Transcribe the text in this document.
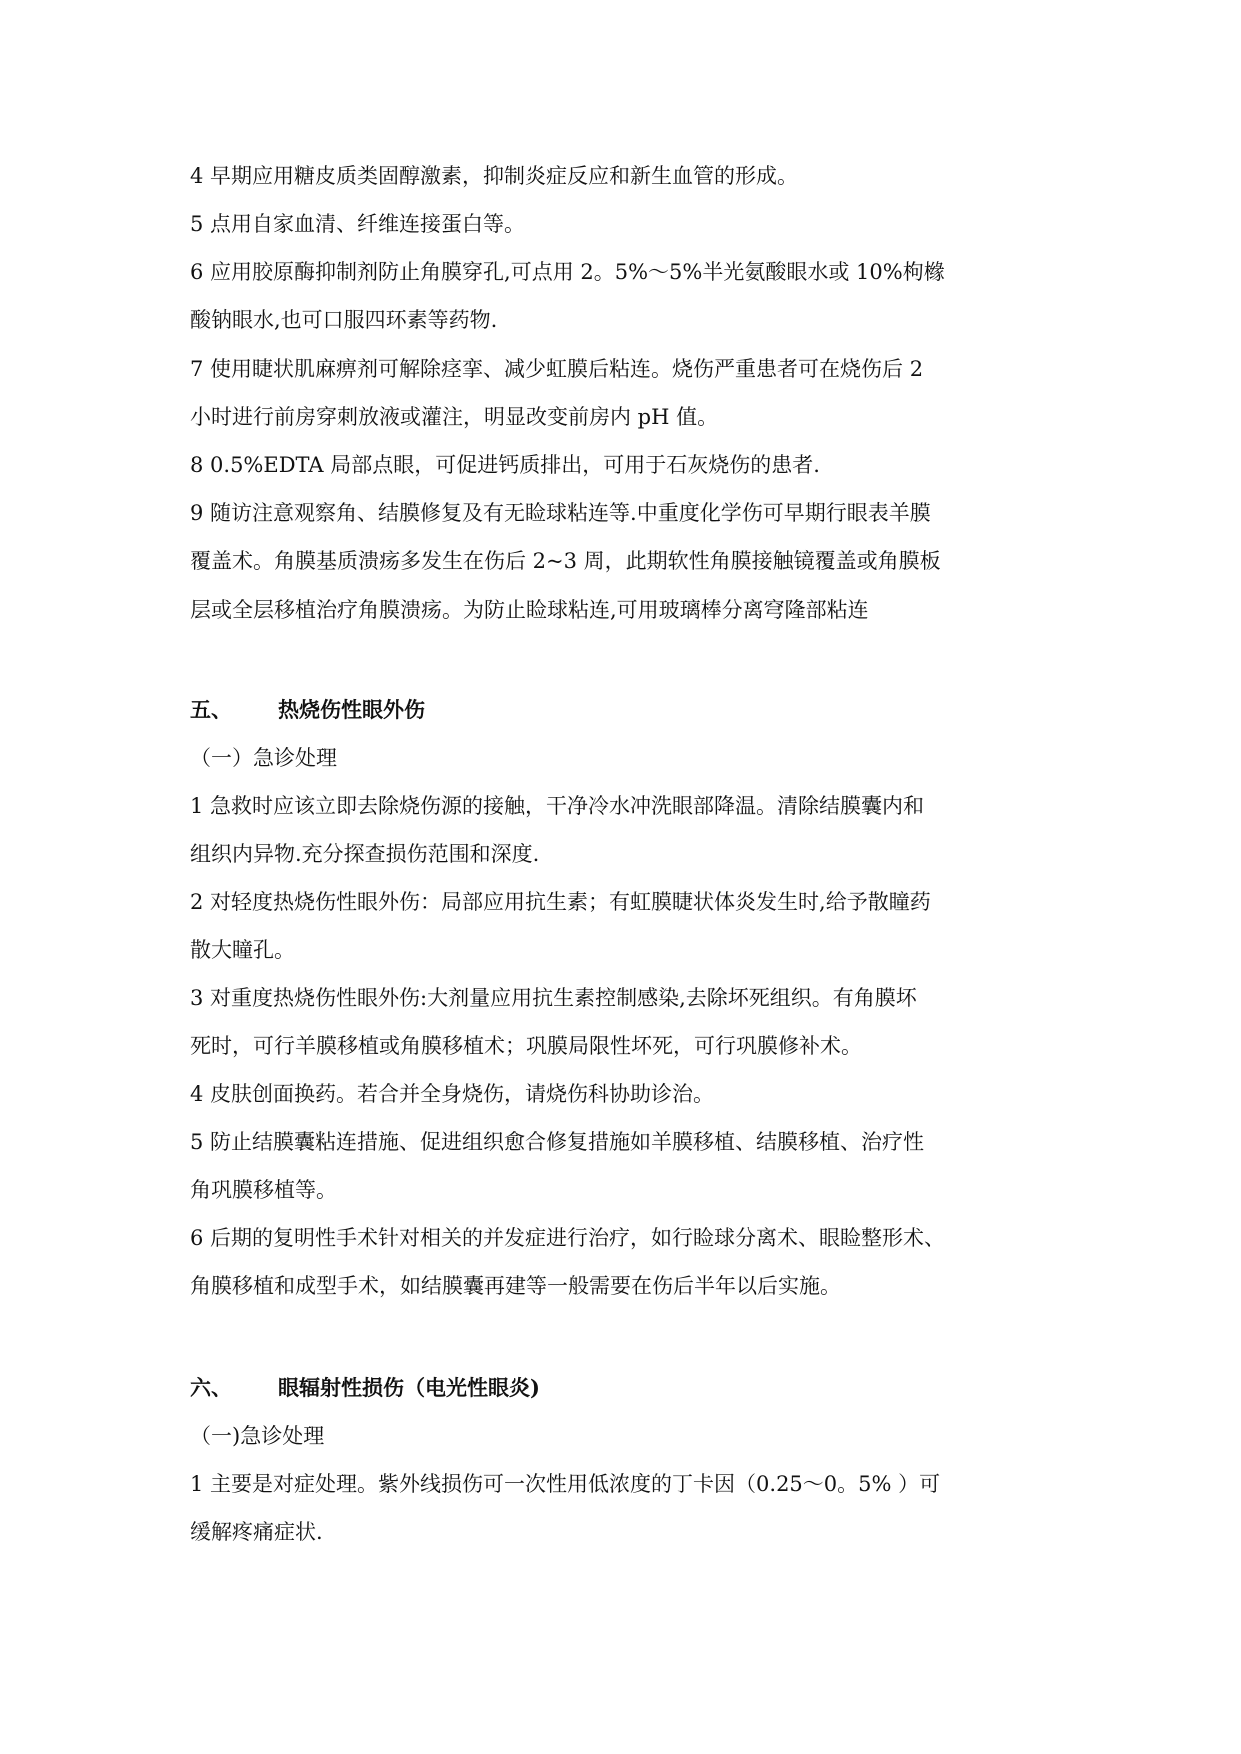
4 早期应用糖皮质类固醇激素，抑制炎症反应和新生血管的形成。
5 点用自家血清、纤维连接蛋白等。
6 应用胶原酶抑制剂防止角膜穿孔,可点用 2。5%～5%半光氨酸眼水或 10%枸橼
酸钠眼水,也可口服四环素等药物.
7 使用睫状肌麻痹剂可解除痉挛、减少虹膜后粘连。烧伤严重患者可在烧伤后 2
小时进行前房穿刺放液或灌注，明显改变前房内 pH 值。
8 0.5%EDTA 局部点眼，可促进钙质排出，可用于石灰烧伤的患者.
9 随访注意观察角、结膜修复及有无睑球粘连等.中重度化学伤可早期行眼表羊膜
覆盖术。角膜基质溃疡多发生在伤后 2~3 周，此期软性角膜接触镜覆盖或角膜板
层或全层移植治疗角膜溃疡。为防止睑球粘连,可用玻璃棒分离穹隆部粘连
五、 热烧伤性眼外伤
（一）急诊处理
1 急救时应该立即去除烧伤源的接触，干净冷水冲洗眼部降温。清除结膜囊内和
组织内异物.充分探查损伤范围和深度.
2 对轻度热烧伤性眼外伤：局部应用抗生素；有虹膜睫状体炎发生时,给予散瞳药
散大瞳孔。
3 对重度热烧伤性眼外伤:大剂量应用抗生素控制感染,去除坏死组织。有角膜坏
死时，可行羊膜移植或角膜移植术；巩膜局限性坏死，可行巩膜修补术。
4 皮肤创面换药。若合并全身烧伤，请烧伤科协助诊治。
5 防止结膜囊粘连措施、促进组织愈合修复措施如羊膜移植、结膜移植、治疗性
角巩膜移植等。
6 后期的复明性手术针对相关的并发症进行治疗，如行睑球分离术、眼睑整形术、
角膜移植和成型手术，如结膜囊再建等一般需要在伤后半年以后实施。
六、 眼辐射性损伤（电光性眼炎)
（一)急诊处理
1 主要是对症处理。紫外线损伤可一次性用低浓度的丁卡因（0.25～0。5% ）可
缓解疼痛症状.
